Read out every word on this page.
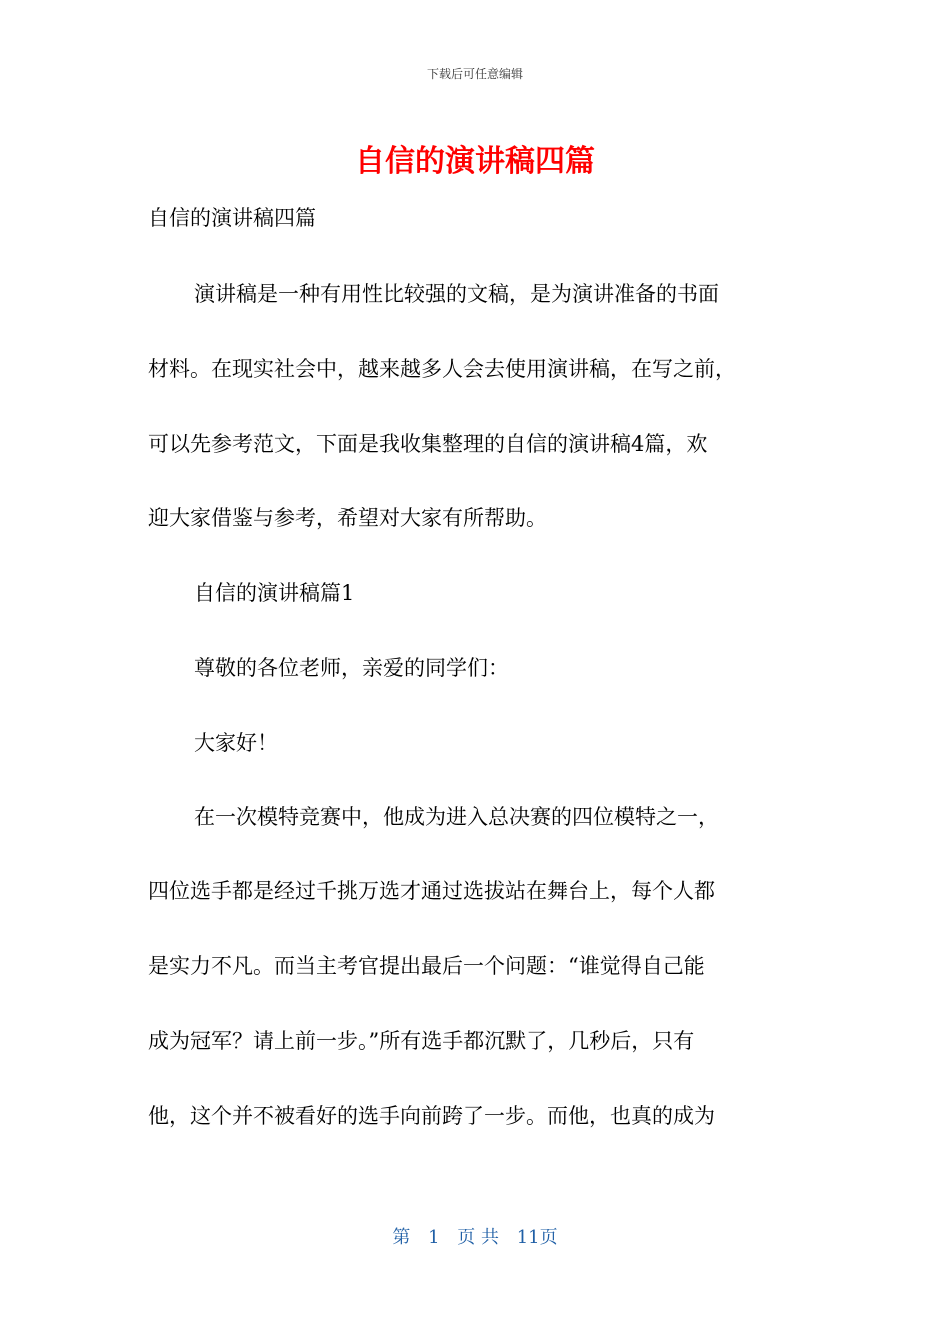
下载后可任意编辑
自信的演讲稿四篇

自信的演讲稿四篇

演讲稿是一种有用性比较强的文稿，是为演讲准备的书面

材料。在现实社会中，越来越多人会去使用演讲稿，在写之前，

可以先参考范文，下面是我收集整理的自信的演讲稿4篇，欢

迎大家借鉴与参考，希望对大家有所帮助。

自信的演讲稿篇1

尊敬的各位老师，亲爱的同学们：

大家好！

在一次模特竞赛中，他成为进入总决赛的四位模特之一，

四位选手都是经过千挑万选才通过选拔站在舞台上，每个人都

是实力不凡。而当主考官提出最后一个问题：“谁觉得自己能

成为冠军？请上前一步。”所有选手都沉默了，几秒后，只有

他，这个并不被看好的选手向前跨了一步。而他，也真的成为

第 1 页 共 11页
